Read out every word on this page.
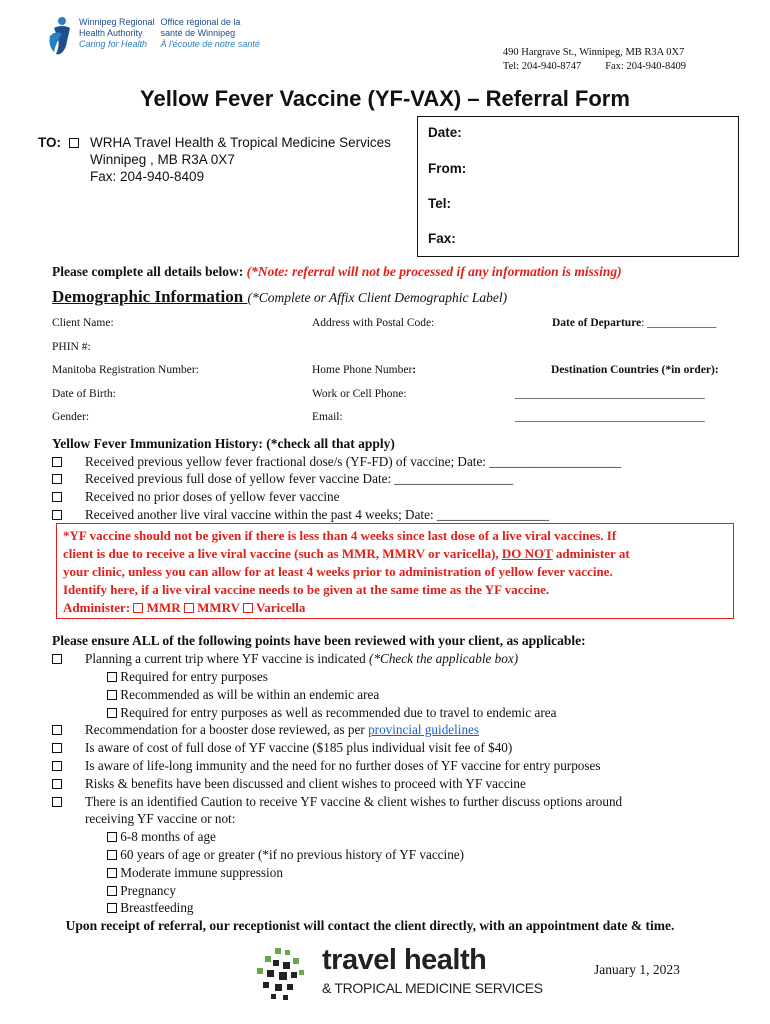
Winnipeg Regional
Health Authority
Caring for Health
Office régional de la
santé de Winnipeg
À l'écoute de notre santé
490 Hargrave St., Winnipeg, MB R3A 0X7
Tel: 204-940-8747 Fax: 204-940-8409
Yellow Fever Vaccine (YF-VAX) – Referral Form
TO: WRHA Travel Health & Tropical Medicine Services
Winnipeg , MB R3A 0X7
Fax: 204-940-8409
Date:
From:
Tel:
Fax:
Please complete all details below: (*Note: referral will not be processed if any information is missing)
Demographic Information (*Complete or Affix Client Demographic Label)
Client Name:	Address with Postal Code:	Date of Departure: ____________
PHIN #:
Manitoba Registration Number:	Home Phone Number:	Destination Countries (*in order):
Date of Birth:	Work or Cell Phone:	_________________________________
Gender:	Email:	_________________________________
Yellow Fever Immunization History: (*check all that apply)
Received previous yellow fever fractional dose/s (YF-FD) of vaccine; Date: ____________________
Received previous full dose of yellow fever vaccine Date: __________________
Received no prior doses of yellow fever vaccine
Received another live viral vaccine within the past 4 weeks; Date: _________________
*YF vaccine should not be given if there is less than 4 weeks since last dose of a live viral vaccines. If
client is due to receive a live viral vaccine (such as MMR, MMRV or varicella), DO NOT administer at
your clinic, unless you can allow for at least 4 weeks prior to administration of yellow fever vaccine.
Identify here, if a live viral vaccine needs to be given at the same time as the YF vaccine.
Administer: MMR MMRV Varicella
Please ensure ALL of the following points have been reviewed with your client, as applicable:
Planning a current trip where YF vaccine is indicated (*Check the applicable box)
Required for entry purposes
Recommended as will be within an endemic area
Required for entry purposes as well as recommended due to travel to endemic area
Recommendation for a booster dose reviewed, as per provincial guidelines
Is aware of cost of full dose of YF vaccine ($185 plus individual visit fee of $40)
Is aware of life-long immunity and the need for no further doses of YF vaccine for entry purposes
Risks & benefits have been discussed and client wishes to proceed with YF vaccine
There is an identified Caution to receive YF vaccine & client wishes to further discuss options around
receiving YF vaccine or not:
6-8 months of age
60 years of age or greater (*if no previous history of YF vaccine)
Moderate immune suppression
Pregnancy
Breastfeeding
Upon receipt of referral, our receptionist will contact the client directly, with an appointment date & time.
travel health
& TROPICAL MEDICINE SERVICES
January 1, 2023
